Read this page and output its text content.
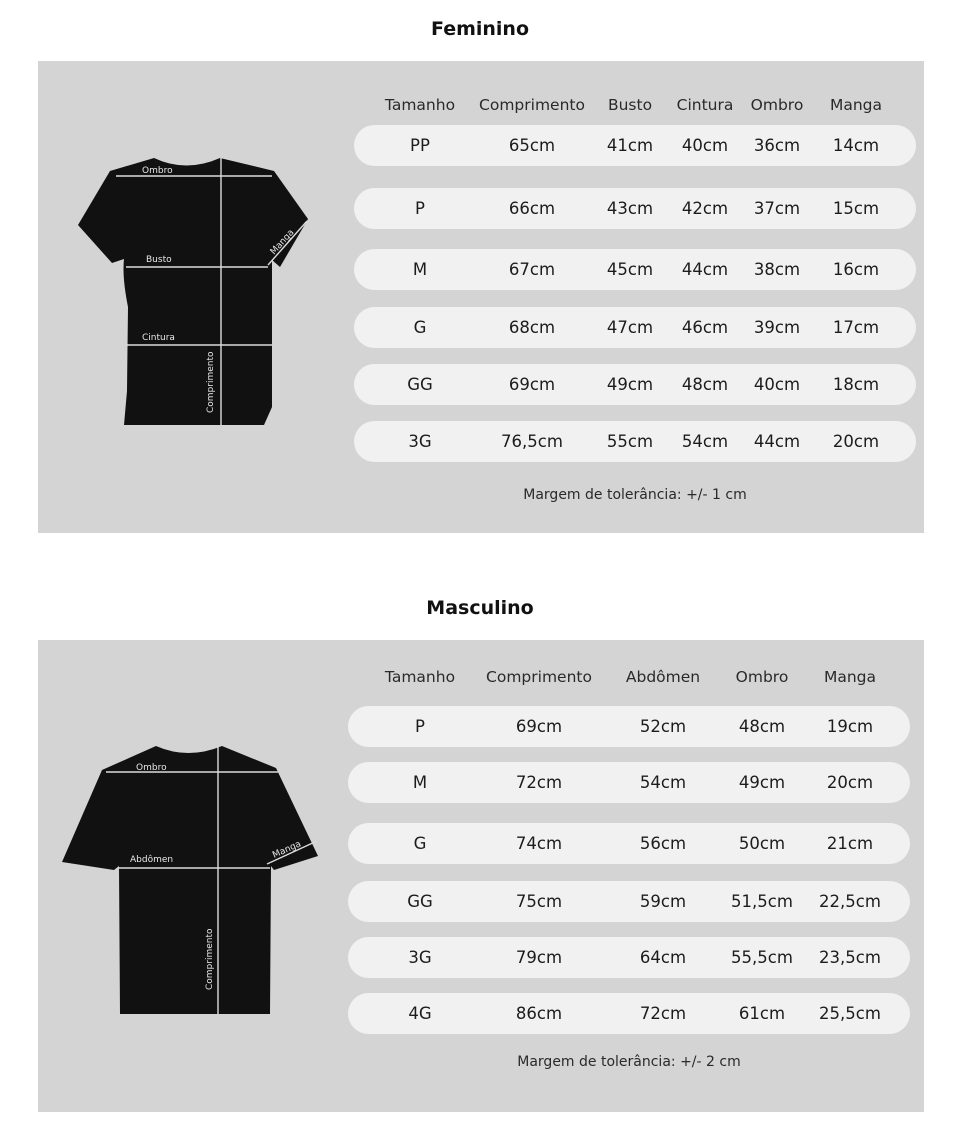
Feminino
Ombro
Busto
Cintura
Manga
Comprimento
Tamanho	Comprimento	Busto	Cintura	Ombro	Manga
PP	65cm	41cm	40cm	36cm	14cm
P	66cm	43cm	42cm	37cm	15cm
M	67cm	45cm	44cm	38cm	16cm
G	68cm	47cm	46cm	39cm	17cm
GG	69cm	49cm	48cm	40cm	18cm
3G	76,5cm	55cm	54cm	44cm	20cm
Margem de tolerância: +/- 1 cm
Masculino
Ombro
Abdômen	Manga
Comprimento
Tamanho	Comprimento	Abdômen	Ombro	Manga
P	69cm	52cm	48cm	19cm
M	72cm	54cm	49cm	20cm
G	74cm	56cm	50cm	21cm
GG	75cm	59cm	51,5cm	22,5cm
3G	79cm	64cm	55,5cm	23,5cm
4G	86cm	72cm	61cm	25,5cm
Margem de tolerância: +/- 2 cm
